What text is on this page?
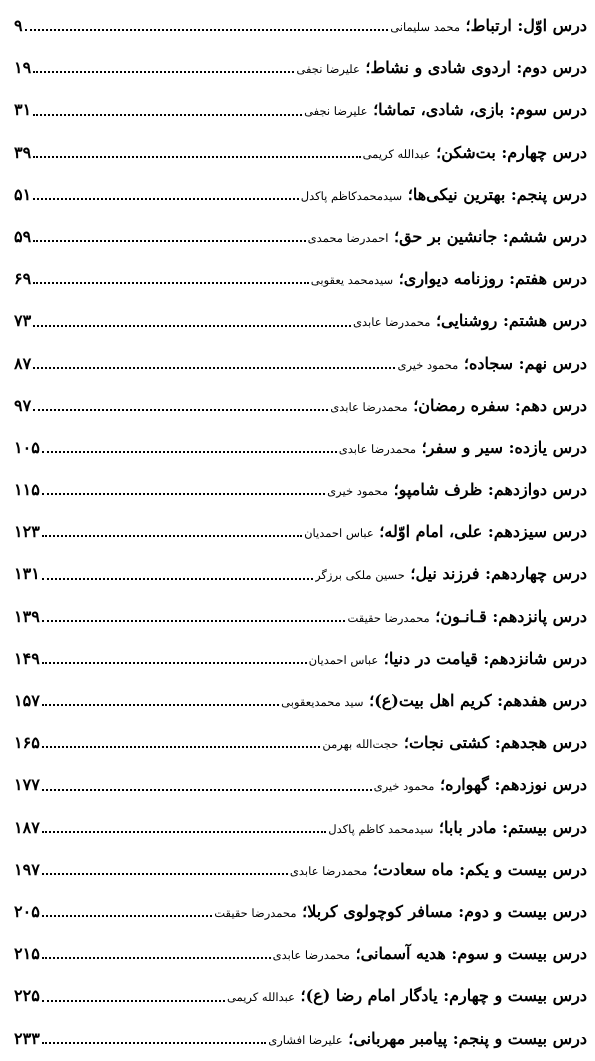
درس اوّل: ارتباط؛ محمد سلیمانی
۹
درس دوم: اردوی شادی و نشاط؛ علیرضا نجفی
۱۹
درس سوم: بازی، شادی، تماشا؛ علیرضا نجفی
۳۱
درس چهارم: بت‌شکن؛ عبدالله کریمی
۳۹
درس پنجم: بهترین نیکی‌ها؛ سیدمحمدکاظم پاکدل
۵۱
درس ششم: جانشین بر حق؛ احمدرضا محمدی
۵۹
درس هفتم: روزنامه دیواری؛ سیدمحمد یعقوبی
۶۹
درس هشتم: روشنایی؛ محمدرضا عابدی
۷۳
درس نهم: سجاده؛ محمود خیری
۸۷
درس دهم: سفره رمضان؛ محمدرضا عابدی
۹۷
درس یازده: سیر و سفر؛ محمدرضا عابدی
۱۰۵
درس دوازدهم: ظرف شامپو؛ محمود خیری
۱۱۵
درس سیزدهم: علی، امام اوّله؛ عباس احمدیان
۱۲۳
درس چهاردهم: فرزند نیل؛ حسین ملکی برزگر
۱۳۱
درس پانزدهم: قـانـون؛ محمدرضا حقیقت
۱۳۹
درس شانزدهم: قیامت در دنیا؛ عباس احمدیان
۱۴۹
درس هفدهم: کریم اهل بیت(ع)؛ سید محمدیعقوبی
۱۵۷
درس هجدهم: کشتی نجات؛ حجت‌الله بهرمن
۱۶۵
درس نوزدهم: گهواره؛ محمود خیری
۱۷۷
درس بیستم: مادر بابا؛ سیدمحمد کاظم پاکدل
۱۸۷
درس بیست و یکم: ماه سعادت؛ محمدرضا عابدی
۱۹۷
درس بیست و دوم: مسافر کوچولوی کربلا؛ محمدرضا حقیقت
۲۰۵
درس بیست و سوم: هدیه آسمانی؛ محمدرضا عابدی
۲۱۵
درس بیست و چهارم: یادگار امام رضا (ع)؛ عبدالله کریمی
۲۲۵
درس بیست و پنجم: پیامبر مهربانی؛ علیرضا افشاری
۲۳۳
